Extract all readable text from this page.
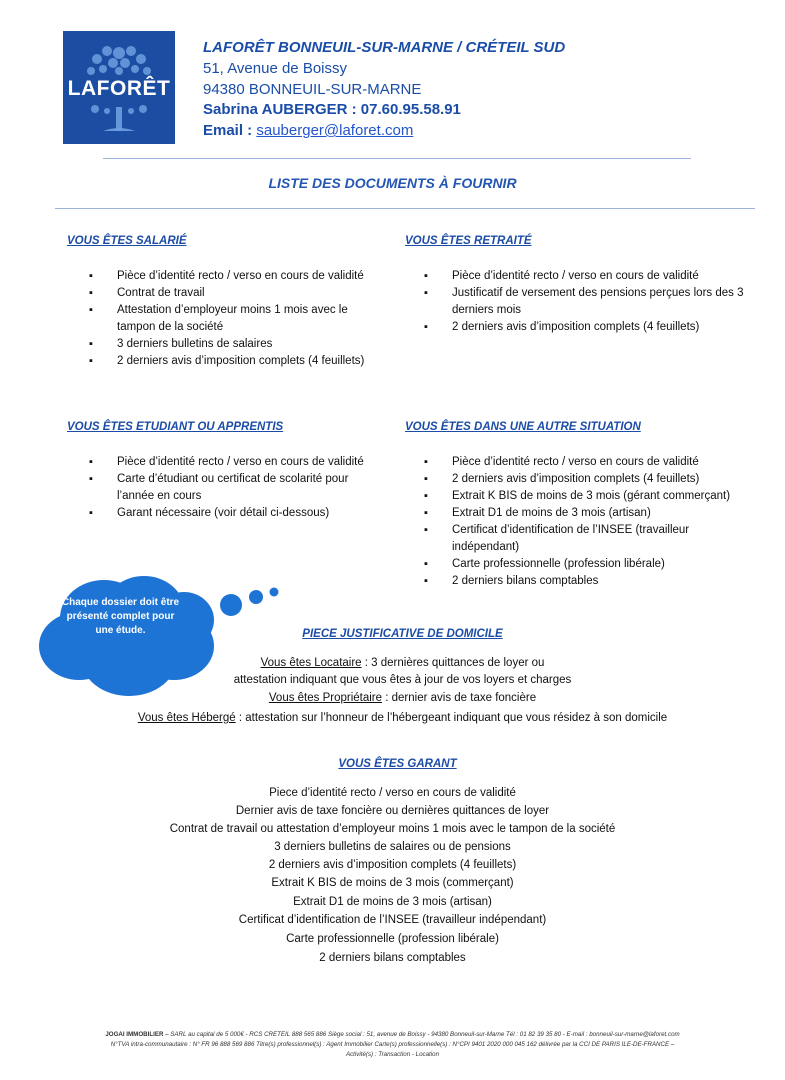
LAFORÊT
LAFORÊT BONNEUIL-SUR-MARNE / CRÉTEIL SUD
51, Avenue de Boissy
94380 BONNEUIL-SUR-MARNE
Sabrina AUBERGER : 07.60.95.58.91
Email : sauberger@laforet.com
LISTE DES DOCUMENTS À FOURNIR
VOUS ÊTES SALARIÉ
▪ Pièce d’identité recto / verso en cours de validité
▪ Contrat de travail
▪ Attestation d’employeur moins 1 mois avec le tampon de la société
▪ 3 derniers bulletins de salaires
▪ 2 derniers avis d’imposition complets (4 feuillets)
VOUS ÊTES RETRAITÉ
▪ Pièce d’identité recto / verso en cours de validité
▪ Justificatif de versement des pensions perçues lors des 3 derniers mois
▪ 2 derniers avis d’imposition complets (4 feuillets)
VOUS ÊTES ETUDIANT OU APPRENTIS
▪ Pièce d’identité recto / verso en cours de validité
▪ Carte d’étudiant ou certificat de scolarité pour l’année en cours
▪ Garant nécessaire (voir détail ci-dessous)
VOUS ÊTES DANS UNE AUTRE SITUATION
▪ Pièce d’identité recto / verso en cours de validité
▪ 2 derniers avis d’imposition complets (4 feuillets)
▪ Extrait K BIS de moins de 3 mois (gérant commerçant)
▪ Extrait D1 de moins de 3 mois (artisan)
▪ Certificat d’identification de l’INSEE (travailleur indépendant)
▪ Carte professionnelle (profession libérale)
▪ 2 derniers bilans comptables
Chaque dossier doit être présenté complet pour une étude.	PIECE JUSTIFICATIVE DE DOMICILE
Vous êtes Locataire : 3 dernières quittances de loyer ou
attestation indiquant que vous êtes à jour de vos loyers et charges
Vous êtes Propriétaire : dernier avis de taxe foncière
Vous êtes Hébergé : attestation sur l’honneur de l’hébergeant indiquant que vous résidez à son domicile
VOUS ÊTES GARANT
Piece d’identité recto / verso en cours de validité
Dernier avis de taxe foncière ou dernières quittances de loyer
Contrat de travail ou attestation d’employeur moins 1 mois avec le tampon de la société
3 derniers bulletins de salaires ou de pensions
2 derniers avis d’imposition complets (4 feuillets)
Extrait K BIS de moins de 3 mois (commerçant)
Extrait D1 de moins de 3 mois (artisan)
Certificat d’identification de l’INSEE (travailleur indépendant)
Carte professionnelle (profession libérale)
2 derniers bilans comptables
JOGAI IMMOBILIER – SARL au capital de 5 000€ - RCS CRETEIL 888 565 886 Siège social : 51, avenue de Boissy - 94380 Bonneuil-sur-Marne Tél : 01 82 39 35 80 - E-mail : bonneuil-sur-marne@laforet.com
N°TVA intra-communautaire : N° FR 96 888 569 886 Titre(s) professionnel(s) : Agent Immobilier Carte(s) professionnelle(s) : N°CPI 9401 2020 000 045 162 délivrée par la CCI DE PARIS ILE-DE-FRANCE –
Activité(s) : Transaction - Location
